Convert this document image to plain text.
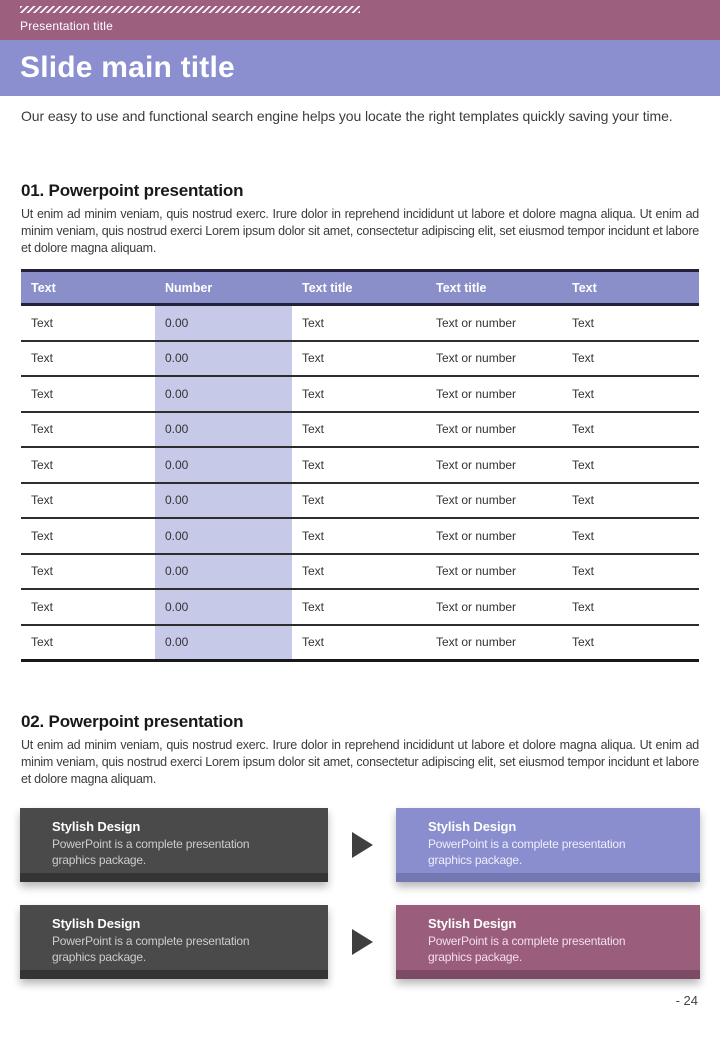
Presentation title
Slide main title

Our easy to use and functional search engine helps you locate the right templates quickly saving your time.

01. Powerpoint presentation

Ut enim ad minim veniam, quis nostrud exerc. Irure dolor in reprehend incididunt ut labore et dolore magna aliqua. Ut enim ad minim veniam, quis nostrud exerci Lorem ipsum dolor sit amet, consectetur adipiscing elit, set eiusmod tempor incidunt et labore et dolore magna aliquam.

Text	Number	Text title	Text title	Text
Text	0.00	Text	Text or number	Text
Text	0.00	Text	Text or number	Text
Text	0.00	Text	Text or number	Text
Text	0.00	Text	Text or number	Text
Text	0.00	Text	Text or number	Text
Text	0.00	Text	Text or number	Text
Text	0.00	Text	Text or number	Text
Text	0.00	Text	Text or number	Text
Text	0.00	Text	Text or number	Text
Text	0.00	Text	Text or number	Text
02. Powerpoint presentation

Ut enim ad minim veniam, quis nostrud exerc. Irure dolor in reprehend incididunt ut labore et dolore magna aliqua. Ut enim ad minim veniam, quis nostrud exerci Lorem ipsum dolor sit amet, consectetur adipiscing elit, set eiusmod tempor incidunt et labore et dolore magna aliquam.

Stylish Design
PowerPoint is a complete presentation graphics package.
Stylish Design
PowerPoint is a complete presentation graphics package.
Stylish Design
PowerPoint is a complete presentation graphics package.
Stylish Design
PowerPoint is a complete presentation graphics package.
- 24
